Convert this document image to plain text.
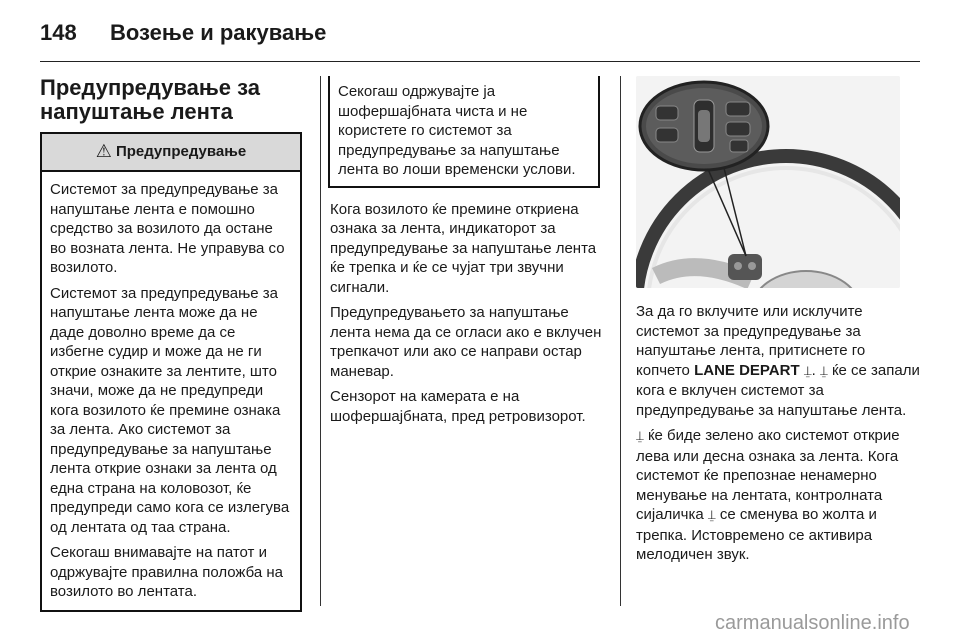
148	Возење и ракување
Предупредување за
напуштање лента
⚠ Предупредување

Системот за предупредување за напуштање лента е помошно средство за возилото да остане во возната лента. Не управува со возилото.

Системот за предупредување за напуштање лента може да не даде доволно време да се избегне судир и може да не ги открие ознаките за лентите, што значи, може да не предупреди кога возилото ќе премине ознака за лента. Ако системот за предупредување за напуштање лента открие ознаки за лента од една страна на коловозот, ќе предупреди само кога се излегува од лентата од таа страна.

Секогаш внимавајте на патот и одржувајте правилна положба на возилото во лентата.

Секогаш одржувајте ја шофершајбната чиста и не користете го системот за предупредување за напуштање лента во лоши временски услови.

Кога возилото ќе премине откриена ознака за лента, индикаторот за предупредување за напуштање лента ќе трепка и ќе се чујат три звучни сигнали.

Предупредувањето за напуштање лента нема да се огласи ако е вклучен трепкачот или ако се направи остар маневар.

Сензорот на камерата е на шофершајбната, пред ретровизорот.

За да го вклучите или исклучите системот за предупредување за напуштање лента, притиснете го копчето LANE DEPART ⍊. ⍊ ќе се запали кога е вклучен системот за предупредување за напуштање лента.

⍊ ќе биде зелено ако системот открие лева или десна ознака за лента. Кога системот ќе препознае ненамерно менување на лентата, контролната сијаличка ⍊ се сменува во жолта и трепка. Истовремено се активира мелодичен звук.

carmanualsonline.info
